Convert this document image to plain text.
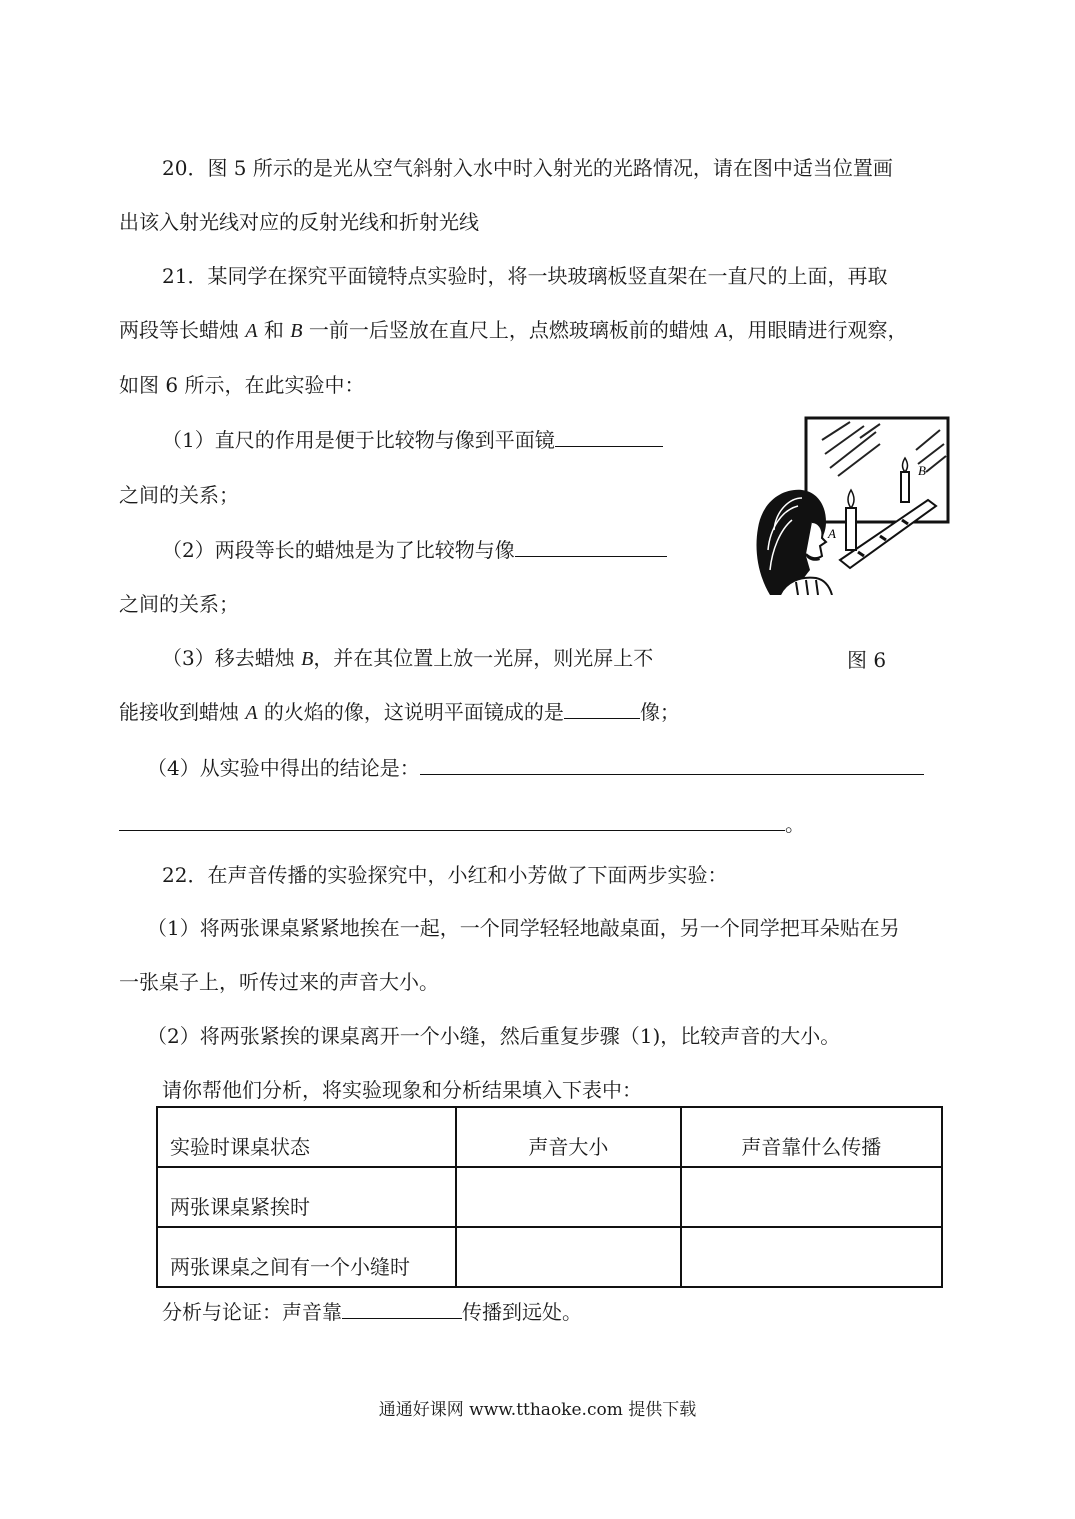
20．图 5 所示的是光从空气斜射入水中时入射光的光路情况，请在图中适当位置画
出该入射光线对应的反射光线和折射光线
21．某同学在探究平面镜特点实验时，将一块玻璃板竖直架在一直尺的上面，再取
两段等长蜡烛 A 和 B 一前一后竖放在直尺上，点燃玻璃板前的蜡烛 A，用眼睛进行观察，
如图 6 所示，在此实验中：
（1）直尺的作用是便于比较物与像到平面镜
之间的关系；
（2）两段等长的蜡烛是为了比较物与像
之间的关系；
（3）移去蜡烛 B，并在其位置上放一光屏，则光屏上不	图 6
能接收到蜡烛 A 的火焰的像，这说明平面镜成的是	像；
（4）从实验中得出的结论是：
。
B
A
22．在声音传播的实验探究中，小红和小芳做了下面两步实验：
（1）将两张课桌紧紧地挨在一起，一个同学轻轻地敲桌面，另一个同学把耳朵贴在另
一张桌子上，听传过来的声音大小。
（2）将两张紧挨的课桌离开一个小缝，然后重复步骤（1)，比较声音的大小。
请你帮他们分析，将实验现象和分析结果填入下表中：
实验时课桌状态	声音大小	声音靠什么传播
两张课桌紧挨时		
两张课桌之间有一个小缝时		
分析与论证：声音靠	传播到远处。
通通好课网 www.tthaoke.com 提供下载
